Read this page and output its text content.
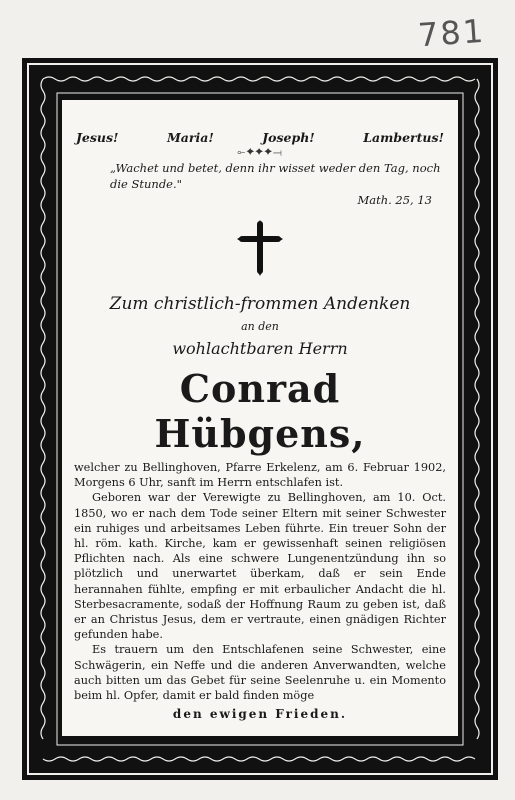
781
Jesus!	Maria!	Joseph!	Lambertus!
⟜✦✦✦⟞
„Wachet und betet, denn ihr wisset weder den Tag, noch die Stunde."
Math. 25, 13
Zum christlich-frommen Andenken
an den
wohlachtbaren Herrn
Conrad Hübgens,

welcher zu Bellinghoven, Pfarre Erkelenz, am 6. Februar 1902, Morgens 6 Uhr, sanft im Herrn entschlafen ist.

Geboren war der Verewigte zu Bellinghoven, am 10. Oct. 1850, wo er nach dem Tode seiner Eltern mit seiner Schwester ein ruhiges und arbeitsames Leben führte. Ein treuer Sohn der hl. röm. kath. Kirche, kam er gewissenhaft seinen religiösen Pflichten nach. Als eine schwere Lungenentzündung ihn so plötzlich und unerwartet überkam, daß er sein Ende herannahen fühlte, empfing er mit erbaulicher Andacht die hl. Sterbesacramente, sodaß der Hoffnung Raum zu geben ist, daß er an Christus Jesus, dem er vertraute, einen gnädigen Richter gefunden habe.

Es trauern um den Entschlafenen seine Schwester, eine Schwägerin, ein Neffe und die anderen Anverwandten, welche auch bitten um das Gebet für seine Seelenruhe u. ein Momento beim hl. Opfer, damit er bald finden möge

den ewigen Frieden.
